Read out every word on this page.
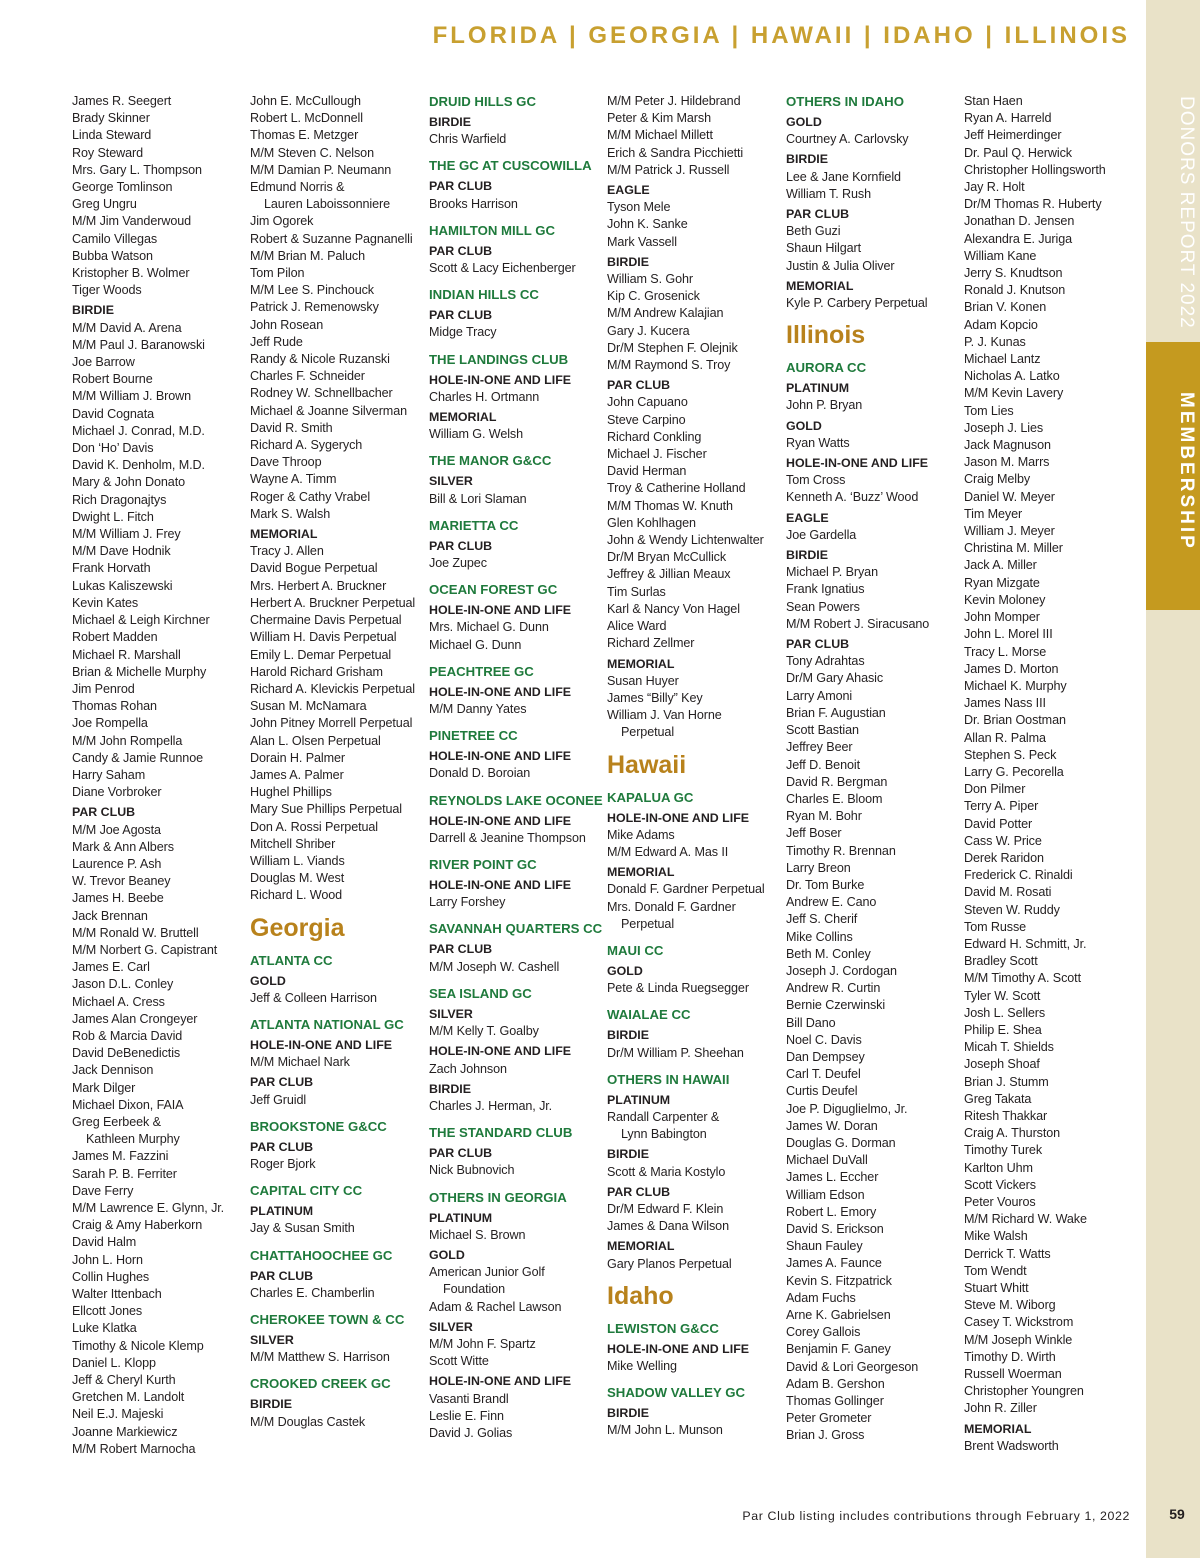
FLORIDA | GEORGIA | HAWAII | IDAHO | ILLINOIS
DONORS REPORT 2022
MEMBERSHIP
James R. Seegert
Brady Skinner
Linda Steward
Roy Steward
Mrs. Gary L. Thompson
George Tomlinson
Greg Ungru
M/M Jim Vanderwoud
Camilo Villegas
Bubba Watson
Kristopher B. Wolmer
Tiger Woods
BIRDIE
M/M David A. Arena
M/M Paul J. Baranowski
Joe Barrow
Robert Bourne
M/M William J. Brown
David Cognata
Michael J. Conrad, M.D.
Don ‘Ho’ Davis
David K. Denholm, M.D.
Mary & John Donato
Rich Dragonajtys
Dwight L. Fitch
M/M William J. Frey
M/M Dave Hodnik
Frank Horvath
Lukas Kaliszewski
Kevin Kates
Michael & Leigh Kirchner
Robert Madden
Michael R. Marshall
Brian & Michelle Murphy
Jim Penrod
Thomas Rohan
Joe Rompella
M/M John Rompella
Candy & Jamie Runnoe
Harry Saham
Diane Vorbroker
PAR CLUB
M/M Joe Agosta
Mark & Ann Albers
Laurence P. Ash
W. Trevor Beaney
James H. Beebe
Jack Brennan
M/M Ronald W. Bruttell
M/M Norbert G. Capistrant
James E. Carl
Jason D.L. Conley
Michael A. Cress
James Alan Crongeyer
Rob & Marcia David
David DeBenedictis
Jack Dennison
Mark Dilger
Michael Dixon, FAIA
Greg Eerbeek &
Kathleen Murphy
James M. Fazzini
Sarah P. B. Ferriter
Dave Ferry
M/M Lawrence E. Glynn, Jr.
Craig & Amy Haberkorn
David Halm
John L. Horn
Collin Hughes
Walter Ittenbach
Ellcott Jones
Luke Klatka
Timothy & Nicole Klemp
Daniel L. Klopp
Jeff & Cheryl Kurth
Gretchen M. Landolt
Neil E.J. Majeski
Joanne Markiewicz
M/M Robert Marnocha
John E. McCullough
Robert L. McDonnell
Thomas E. Metzger
M/M Steven C. Nelson
M/M Damian P. Neumann
Edmund Norris &
Lauren Laboissonniere
Jim Ogorek
Robert & Suzanne Pagnanelli
M/M Brian M. Paluch
Tom Pilon
M/M Lee S. Pinchouck
Patrick J. Remenowsky
John Rosean
Jeff Rude
Randy & Nicole Ruzanski
Charles F. Schneider
Rodney W. Schnellbacher
Michael & Joanne Silverman
David R. Smith
Richard A. Sygerych
Dave Throop
Wayne A. Timm
Roger & Cathy Vrabel
Mark S. Walsh
MEMORIAL
Tracy J. Allen
David Bogue Perpetual
Mrs. Herbert A. Bruckner
Herbert A. Bruckner Perpetual
Chermaine Davis Perpetual
William H. Davis Perpetual
Emily L. Demar Perpetual
Harold Richard Grisham
Richard A. Klevickis Perpetual
Susan M. McNamara
John Pitney Morrell Perpetual
Alan L. Olsen Perpetual
Dorain H. Palmer
James A. Palmer
Hughel Phillips
Mary Sue Phillips Perpetual
Don A. Rossi Perpetual
Mitchell Shriber
William L. Viands
Douglas M. West
Richard L. Wood
Georgia
ATLANTA CC
GOLD
Jeff & Colleen Harrison
ATLANTA NATIONAL GC
HOLE-IN-ONE AND LIFE
M/M Michael Nark
PAR CLUB
Jeff Gruidl
BROOKSTONE G&CC
PAR CLUB
Roger Bjork
CAPITAL CITY CC
PLATINUM
Jay & Susan Smith
CHATTAHOOCHEE GC
PAR CLUB
Charles E. Chamberlin
CHEROKEE TOWN & CC
SILVER
M/M Matthew S. Harrison
CROOKED CREEK GC
BIRDIE
M/M Douglas Castek
DRUID HILLS GC
BIRDIE
Chris Warfield
THE GC AT CUSCOWILLA
PAR CLUB
Brooks Harrison
HAMILTON MILL GC
PAR CLUB
Scott & Lacy Eichenberger
INDIAN HILLS CC
PAR CLUB
Midge Tracy
THE LANDINGS CLUB
HOLE-IN-ONE AND LIFE
Charles H. Ortmann
MEMORIAL
William G. Welsh
THE MANOR G&CC
SILVER
Bill & Lori Slaman
MARIETTA CC
PAR CLUB
Joe Zupec
OCEAN FOREST GC
HOLE-IN-ONE AND LIFE
Mrs. Michael G. Dunn
Michael G. Dunn
PEACHTREE GC
HOLE-IN-ONE AND LIFE
M/M Danny Yates
PINETREE CC
HOLE-IN-ONE AND LIFE
Donald D. Boroian
REYNOLDS LAKE OCONEE
HOLE-IN-ONE AND LIFE
Darrell & Jeanine Thompson
RIVER POINT GC
HOLE-IN-ONE AND LIFE
Larry Forshey
SAVANNAH QUARTERS CC
PAR CLUB
M/M Joseph W. Cashell
SEA ISLAND GC
SILVER
M/M Kelly T. Goalby
HOLE-IN-ONE AND LIFE
Zach Johnson
BIRDIE
Charles J. Herman, Jr.
THE STANDARD CLUB
PAR CLUB
Nick Bubnovich
OTHERS IN GEORGIA
PLATINUM
Michael S. Brown
GOLD
American Junior Golf
Foundation
Adam & Rachel Lawson
SILVER
M/M John F. Spartz
Scott Witte
HOLE-IN-ONE AND LIFE
Vasanti Brandl
Leslie E. Finn
David J. Golias
M/M Peter J. Hildebrand
Peter & Kim Marsh
M/M Michael Millett
Erich & Sandra Picchietti
M/M Patrick J. Russell
EAGLE
Tyson Mele
John K. Sanke
Mark Vassell
BIRDIE
William S. Gohr
Kip C. Grosenick
M/M Andrew Kalajian
Gary J. Kucera
Dr/M Stephen F. Olejnik
M/M Raymond S. Troy
PAR CLUB
John Capuano
Steve Carpino
Richard Conkling
Michael J. Fischer
David Herman
Troy & Catherine Holland
M/M Thomas W. Knuth
Glen Kohlhagen
John & Wendy Lichtenwalter
Dr/M Bryan McCullick
Jeffrey & Jillian Meaux
Tim Surlas
Karl & Nancy Von Hagel
Alice Ward
Richard Zellmer
MEMORIAL
Susan Huyer
James “Billy” Key
William J. Van Horne
Perpetual
Hawaii
KAPALUA GC
HOLE-IN-ONE AND LIFE
Mike Adams
M/M Edward A. Mas II
MEMORIAL
Donald F. Gardner Perpetual
Mrs. Donald F. Gardner
Perpetual
MAUI CC
GOLD
Pete & Linda Ruegsegger
WAIALAE CC
BIRDIE
Dr/M William P. Sheehan
OTHERS IN HAWAII
PLATINUM
Randall Carpenter &
Lynn Babington
BIRDIE
Scott & Maria Kostylo
PAR CLUB
Dr/M Edward F. Klein
James & Dana Wilson
MEMORIAL
Gary Planos Perpetual
Idaho
LEWISTON G&CC
HOLE-IN-ONE AND LIFE
Mike Welling
SHADOW VALLEY GC
BIRDIE
M/M John L. Munson
OTHERS IN IDAHO
GOLD
Courtney A. Carlovsky
BIRDIE
Lee & Jane Kornfield
William T. Rush
PAR CLUB
Beth Guzi
Shaun Hilgart
Justin & Julia Oliver
MEMORIAL
Kyle P. Carbery Perpetual
Illinois
AURORA CC
PLATINUM
John P. Bryan
GOLD
Ryan Watts
HOLE-IN-ONE AND LIFE
Tom Cross
Kenneth A. ‘Buzz’ Wood
EAGLE
Joe Gardella
BIRDIE
Michael P. Bryan
Frank Ignatius
Sean Powers
M/M Robert J. Siracusano
PAR CLUB
Tony Adrahtas
Dr/M Gary Ahasic
Larry Amoni
Brian F. Augustian
Scott Bastian
Jeffrey Beer
Jeff D. Benoit
David R. Bergman
Charles E. Bloom
Ryan M. Bohr
Jeff Boser
Timothy R. Brennan
Larry Breon
Dr. Tom Burke
Andrew E. Cano
Jeff S. Cherif
Mike Collins
Beth M. Conley
Joseph J. Cordogan
Andrew R. Curtin
Bernie Czerwinski
Bill Dano
Noel C. Davis
Dan Dempsey
Carl T. Deufel
Curtis Deufel
Joe P. Diguglielmo, Jr.
James W. Doran
Douglas G. Dorman
Michael DuVall
James L. Eccher
William Edson
Robert L. Emory
David S. Erickson
Shaun Fauley
James A. Faunce
Kevin S. Fitzpatrick
Adam Fuchs
Arne K. Gabrielsen
Corey Gallois
Benjamin F. Ganey
David & Lori Georgeson
Adam B. Gershon
Thomas Gollinger
Peter Grometer
Brian J. Gross
Stan Haen
Ryan A. Harreld
Jeff Heimerdinger
Dr. Paul Q. Herwick
Christopher Hollingsworth
Jay R. Holt
Dr/M Thomas R. Huberty
Jonathan D. Jensen
Alexandra E. Juriga
William Kane
Jerry S. Knudtson
Ronald J. Knutson
Brian V. Konen
Adam Kopcio
P. J. Kunas
Michael Lantz
Nicholas A. Latko
M/M Kevin Lavery
Tom Lies
Joseph J. Lies
Jack Magnuson
Jason M. Marrs
Craig Melby
Daniel W. Meyer
Tim Meyer
William J. Meyer
Christina M. Miller
Jack A. Miller
Ryan Mizgate
Kevin Moloney
John Momper
John L. Morel III
Tracy L. Morse
James D. Morton
Michael K. Murphy
James Nass III
Dr. Brian Oostman
Allan R. Palma
Stephen S. Peck
Larry G. Pecorella
Don Pilmer
Terry A. Piper
David Potter
Cass W. Price
Derek Raridon
Frederick C. Rinaldi
David M. Rosati
Steven W. Ruddy
Tom Russe
Edward H. Schmitt, Jr.
Bradley Scott
M/M Timothy A. Scott
Tyler W. Scott
Josh L. Sellers
Philip E. Shea
Micah T. Shields
Joseph Shoaf
Brian J. Stumm
Greg Takata
Ritesh Thakkar
Craig A. Thurston
Timothy Turek
Karlton Uhm
Scott Vickers
Peter Vouros
M/M Richard W. Wake
Mike Walsh
Derrick T. Watts
Tom Wendt
Stuart Whitt
Steve M. Wiborg
Casey T. Wickstrom
M/M Joseph Winkle
Timothy D. Wirth
Russell Woerman
Christopher Youngren
John R. Ziller
MEMORIAL
Brent Wadsworth
Par Club listing includes contributions through February 1, 2022	59
